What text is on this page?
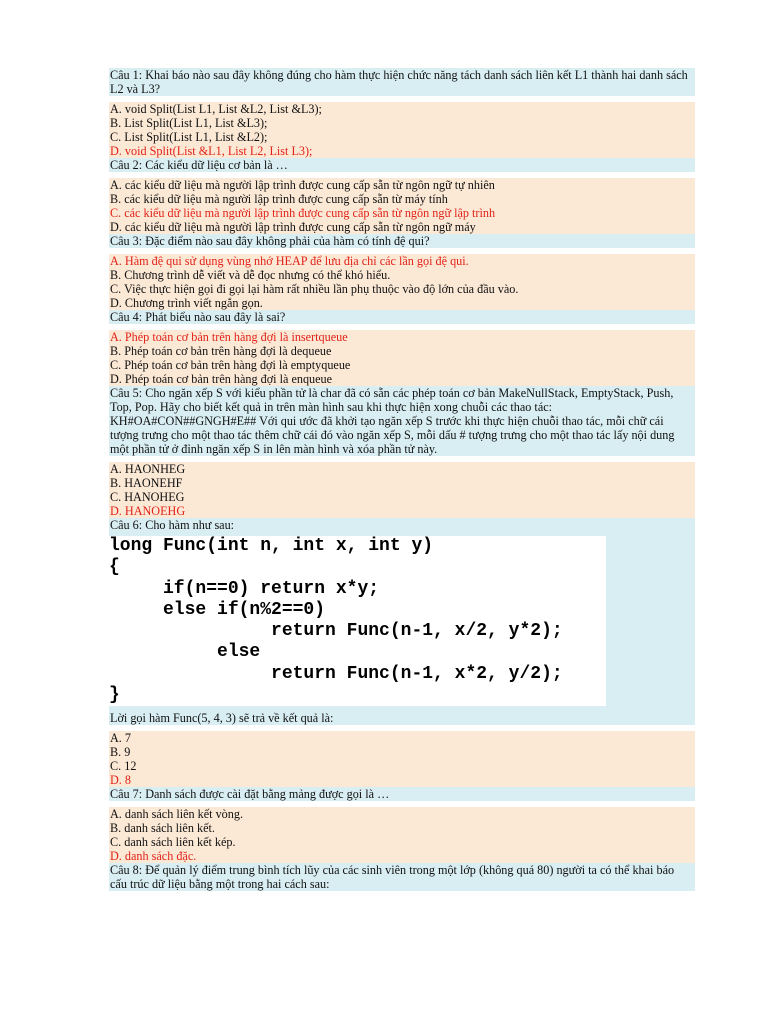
Câu 1: Khai báo nào sau đây không đúng cho hàm thực hiện chức năng tách danh sách liên kết L1 thành hai danh sách L2 và L3?
A. void Split(List L1, List &L2, List &L3);
B. List Split(List L1, List &L3);
C. List Split(List L1, List &L2);
D. void Split(List &L1, List L2, List L3);
Câu 2: Các kiểu dữ liệu cơ bản là …
A. các kiểu dữ liệu mà người lập trình được cung cấp sẵn từ ngôn ngữ tự nhiên
B. các kiểu dữ liệu mà người lập trình được cung cấp sẵn từ máy tính
C. các kiểu dữ liệu mà người lập trình được cung cấp sẵn từ ngôn ngữ lập trình
D. các kiểu dữ liệu mà người lập trình được cung cấp sẵn từ ngôn ngữ máy
Câu 3: Đặc điểm nào sau đây không phải của hàm có tính đệ qui?
A. Hàm đệ qui sử dụng vùng nhớ HEAP để lưu địa chỉ các lần gọi đệ qui.
B. Chương trình dễ viết và dễ đọc nhưng có thể khó hiểu.
C. Việc thực hiện gọi đi gọi lại hàm rất nhiều lần phụ thuộc vào độ lớn của đầu vào.
D. Chương trình viết ngắn gọn.
Câu 4: Phát biểu nào sau đây là sai?
A. Phép toán cơ bản trên hàng đợi là insertqueue
B. Phép toán cơ bản trên hàng đợi là dequeue
C. Phép toán cơ bản trên hàng đợi là emptyqueue
D. Phép toán cơ bản trên hàng đợi là enqueue
Câu 5: Cho ngăn xếp S với kiểu phần tử là char đã có sẵn các phép toán cơ bản MakeNullStack, EmptyStack, Push, Top, Pop. Hãy cho biết kết quả in trên màn hình sau khi thực hiện xong chuỗi các thao tác: KH#OA#CON##GNGH#E## Với qui ước đã khởi tạo ngăn xếp S trước khi thực hiện chuỗi thao tác, mỗi chữ cái tượng trưng cho một thao tác thêm chữ cái đó vào ngăn xếp S, mỗi dấu # tượng trưng cho một thao tác lấy nội dung một phần tử ở đỉnh ngăn xếp S in lên màn hình và xóa phần tử này.
A. HAONHEG
B. HAONEHF
C. HANOHEG
D. HANOEHG
Câu 6: Cho hàm như sau:
long Func(int n, int x, int y)
{
if(n==0) return x*y;
else if(n%2==0)
return Func(n-1, x/2, y*2);
else
return Func(n-1, x*2, y/2);
}
Lời gọi hàm Func(5, 4, 3) sẽ trả về kết quả là:
A. 7
B. 9
C. 12
D. 8
Câu 7: Danh sách được cài đặt bằng mảng được gọi là …
A. danh sách liên kết vòng.
B. danh sách liên kết.
C. danh sách liên kết kép.
D. danh sách đặc.
Câu 8: Để quản lý điểm trung bình tích lũy của các sinh viên trong một lớp (không quá 80) người ta có thể khai báo cấu trúc dữ liệu bằng một trong hai cách sau:
